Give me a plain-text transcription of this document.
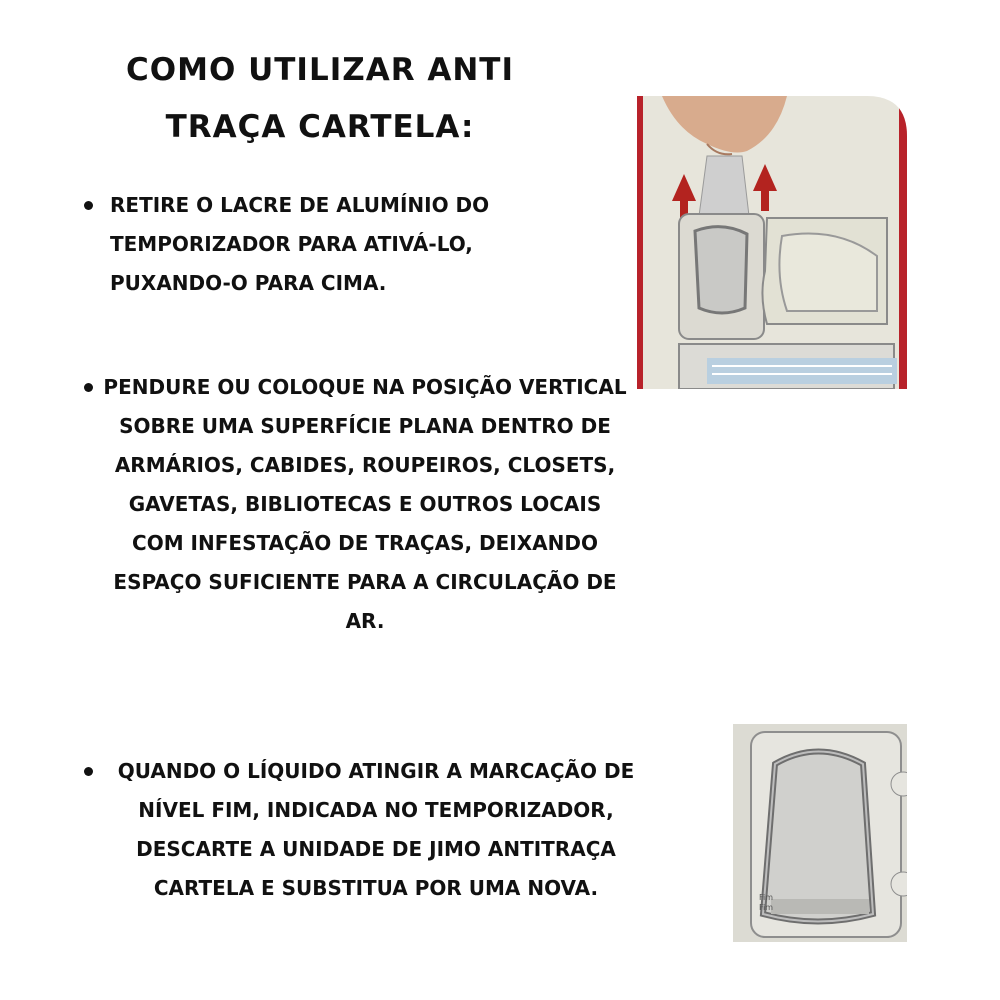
COMO UTILIZAR ANTI TRAÇA CARTELA:
RETIRE O LACRE DE ALUMÍNIO DO TEMPORIZADOR PARA ATIVÁ-LO, PUXANDO-O PARA CIMA.
PENDURE OU COLOQUE NA POSIÇÃO VERTICAL SOBRE UMA SUPERFÍCIE PLANA DENTRO DE ARMÁRIOS, CABIDES, ROUPEIROS, CLOSETS, GAVETAS, BIBLIOTECAS E OUTROS LOCAIS COM INFESTAÇÃO DE TRAÇAS, DEIXANDO ESPAÇO SUFICIENTE PARA A CIRCULAÇÃO DE AR.
QUANDO O LÍQUIDO ATINGIR A MARCAÇÃO DE NÍVEL FIM, INDICADA NO TEMPORIZADOR, DESCARTE A UNIDADE DE JIMO ANTITRAÇA CARTELA E SUBSTITUA POR UMA NOVA.	Fim
Fim
